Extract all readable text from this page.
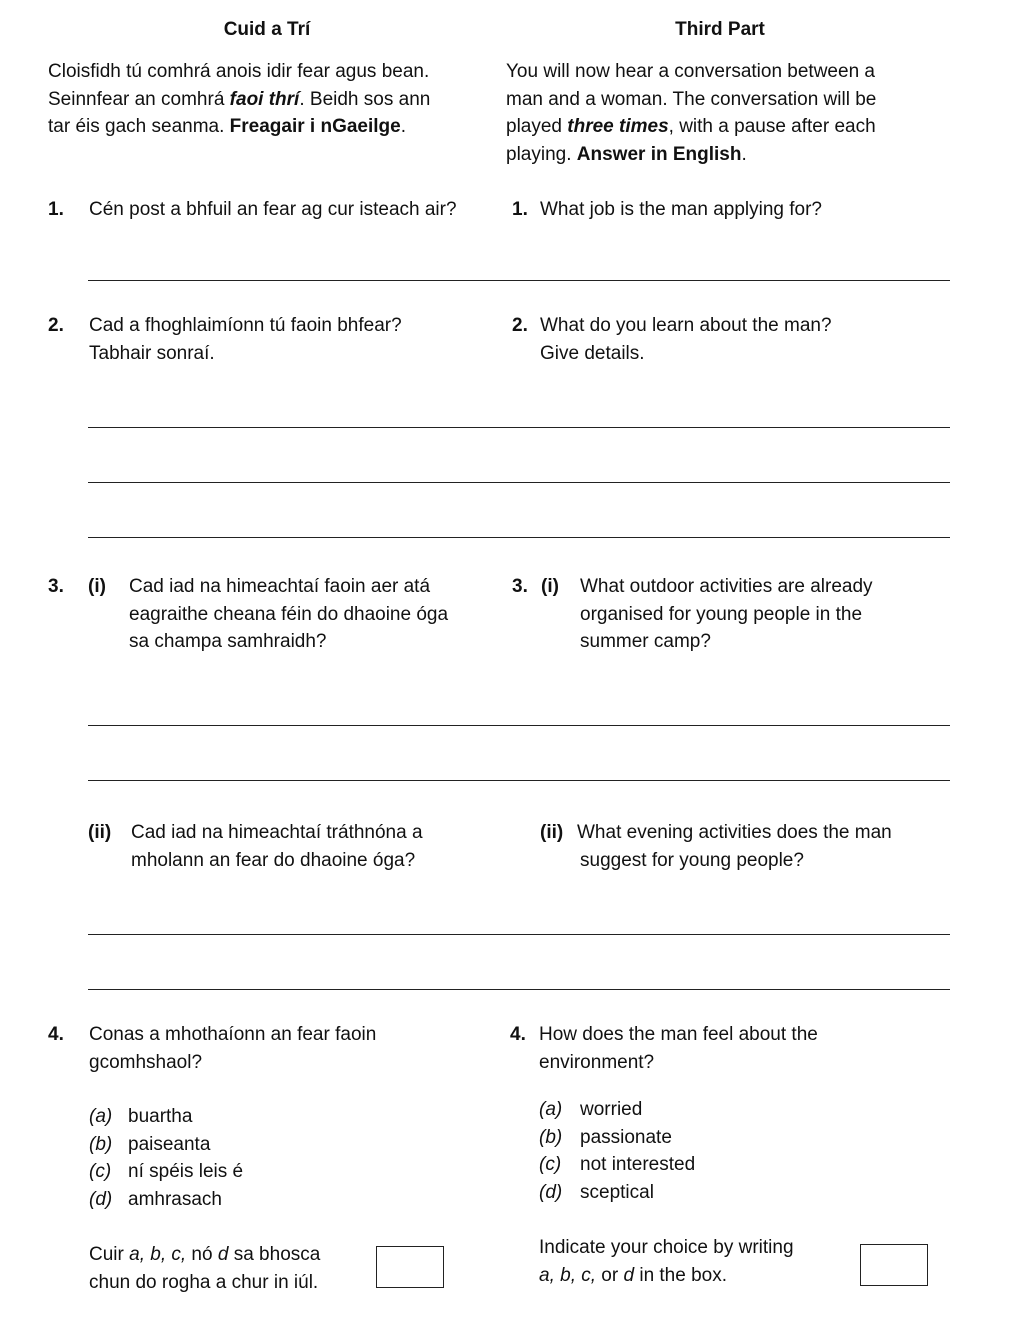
Cuid a Trí	Third Part
Cloisfidh tú comhrá anois idir fear agus bean.
Seinnfear an comhrá faoi thrí. Beidh sos ann
tar éis gach seanma. Freagair i nGaeilge.
You will now hear a conversation between a
man and a woman. The conversation will be
played three times, with a pause after each
playing. Answer in English.
1. Cén post a bhfuil an fear ag cur isteach air?	1. What job is the man applying for?
2. Cad a fhoghlaimíonn tú faoin bhfear?
Tabhair sonraí.
2. What do you learn about the man?
Give details.
3. (i) Cad iad na himeachtaí faoin aer atá
eagraithe cheana féin do dhaoine óga
sa champa samhraidh?
3. (i) What outdoor activities are already
organised for young people in the
summer camp?
(ii) Cad iad na himeachtaí tráthnóna a
mholann an fear do dhaoine óga?
(ii) What evening activities does the man
suggest for young people?
4. Conas a mhothaíonn an fear faoin
gcomhshaol?
4. How does the man feel about the
environment?
(a) buartha
(b) paiseanta
(c) ní spéis leis é
(d) amhrasach
(a) worried
(b) passionate
(c) not interested
(d) sceptical
Cuir a, b, c, nó d sa bhosca
chun do rogha a chur in iúl.
Indicate your choice by writing
a, b, c, or d in the box.
